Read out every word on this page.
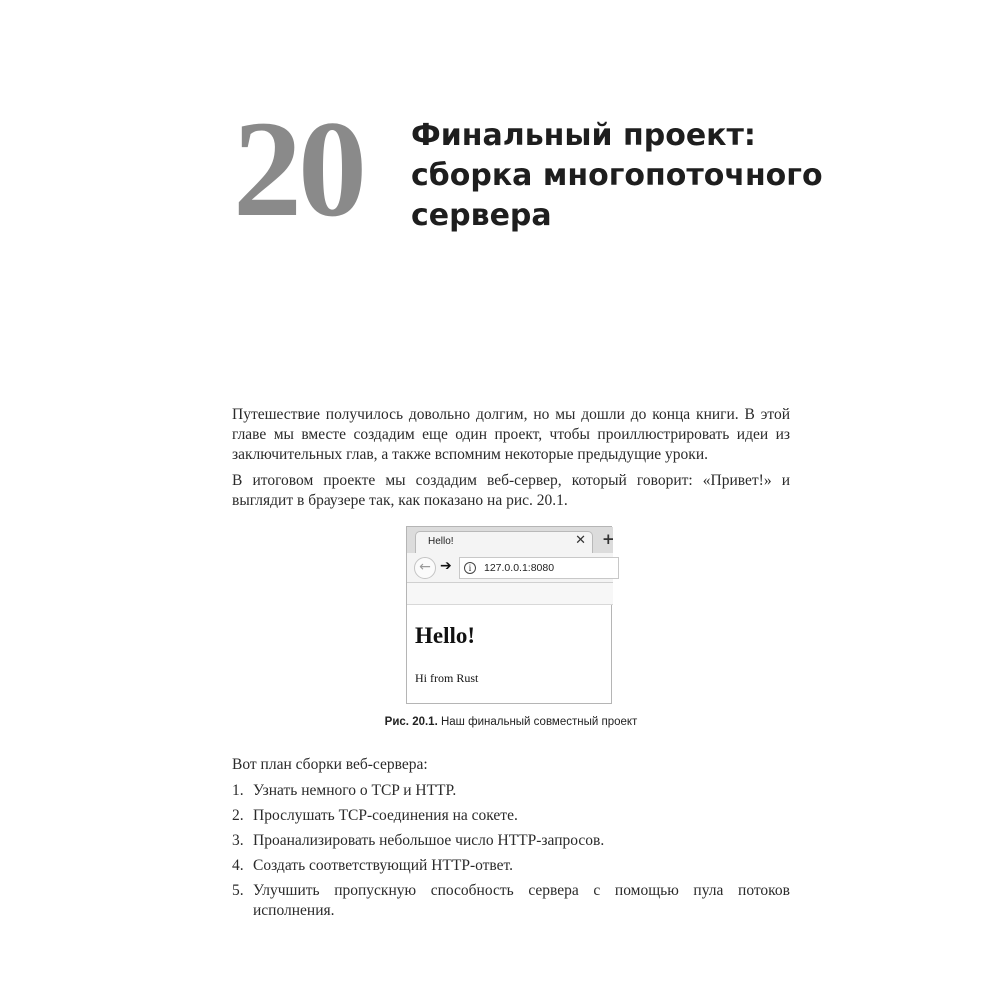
20 Финальный проект:
сборка многопоточного
сервера

Путешествие получилось довольно долгим, но мы дошли до конца книги. В этой главе мы вместе создадим еще один проект, чтобы проиллюстрировать идеи из заключительных глав, а также вспомним некоторые предыдущие уроки.

В итоговом проекте мы создадим веб-сервер, который говорит: «Привет!» и выглядит в браузере так, как показано на рис. 20.1.

Hello!	✕ +
← ➔	i	127.0.0.1:8080
Hello!
Hi from Rust
Рис. 20.1. Наш финальный совместный проект

Вот план сборки веб-сервера:

1. Узнать немного о TCP и HTTP.
2. Прослушать TCP-соединения на сокете.
3. Проанализировать небольшое число HTTP-запросов.
4. Создать соответствующий HTTP-ответ.
5. Улучшить пропускную способность сервера с помощью пула потоков исполнения.
